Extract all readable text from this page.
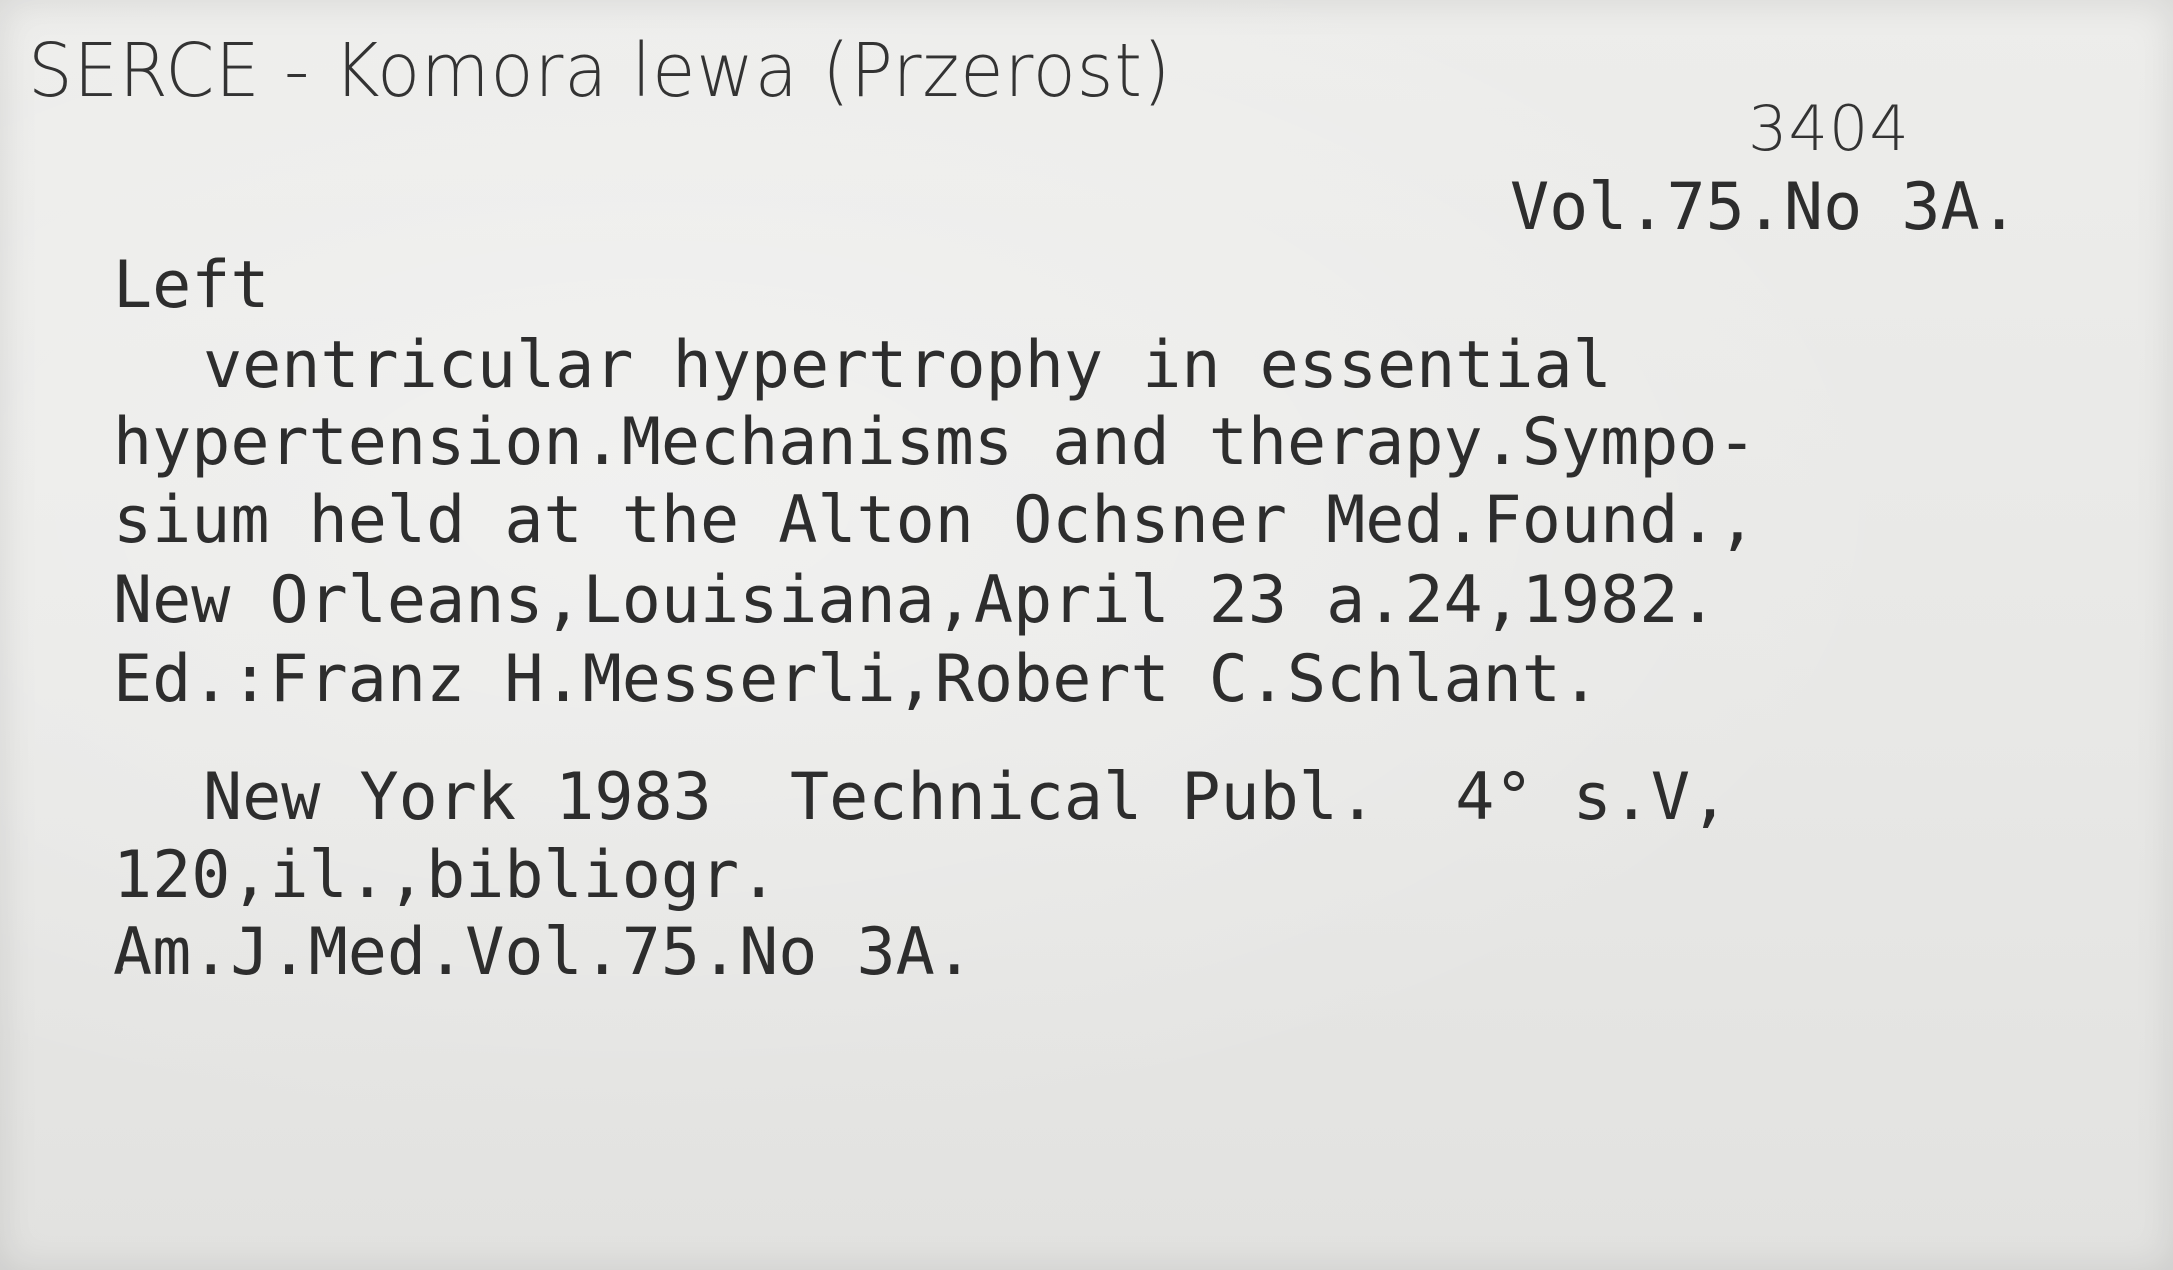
SERCE - Komora lewa (Przerost)
3404
Vol.75.No 3A.
Left
ventricular hypertrophy in essential
hypertension.Mechanisms and therapy.Sympo-
sium held at the Alton Ochsner Med.Found.,
New Orleans,Louisiana,April 23 a.24,1982.
Ed.:Franz H.Messerli,Robert C.Schlant.
New York 1983  Technical Publ.  4° s.V,
120,il.,bibliogr.
Am.J.Med.Vol.75.No 3A.
